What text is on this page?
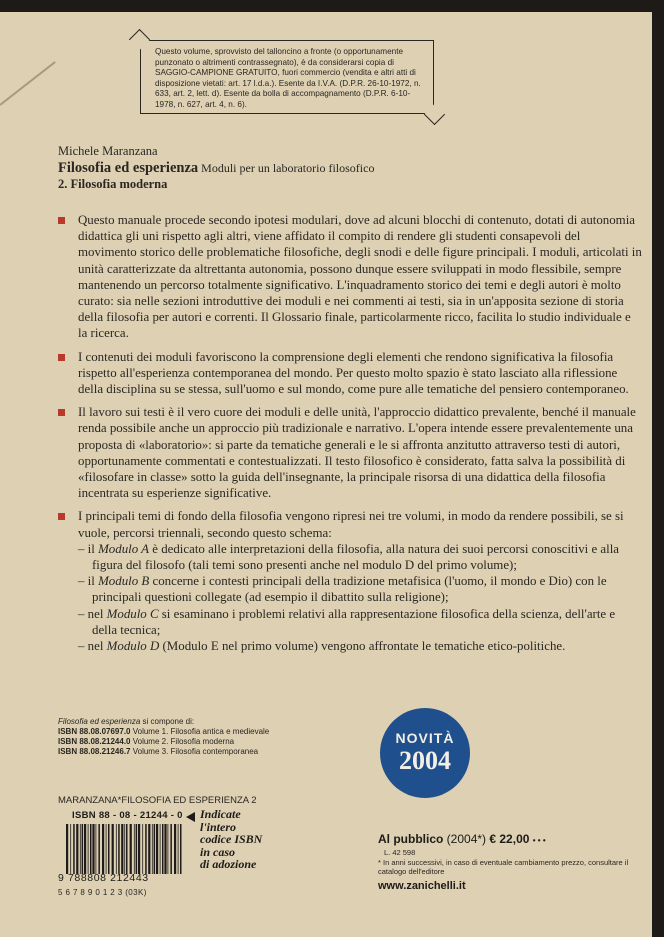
Questo volume, sprovvisto del talloncino a fronte (o opportunamente punzonato o altrimenti contrassegnato), è da considerarsi copia di SAGGIO-CAMPIONE GRATUITO, fuori commercio (vendita e altri atti di disposizione vietati: art. 17 l.d.a.). Esente da I.V.A. (D.P.R. 26-10-1972, n. 633, art. 2, lett. d). Esente da bolla di accompagnamento (D.P.R. 6-10-1978, n. 627, art. 4, n. 6).
Michele Maranzana
Filosofia ed esperienza Moduli per un laboratorio filosofico
2. Filosofia moderna

Questo manuale procede secondo ipotesi modulari, dove ad alcuni blocchi di contenuto, dotati di autonomia didattica gli uni rispetto agli altri, viene affidato il compito di rendere gli studenti consapevoli del movimento storico delle problematiche filosofiche, degli snodi e delle figure principali. I moduli, articolati in unità caratterizzate da altrettanta autonomia, possono dunque essere sviluppati in modo flessibile, sempre mantenendo un percorso totalmente significativo. L'inquadramento storico dei temi e degli autori è molto curato: sia nelle sezioni introduttive dei moduli e nei commenti ai testi, sia in un'apposita sezione di storia della filosofia per autori e correnti. Il Glossario finale, particolarmente ricco, facilita lo studio individuale e la ricerca.

I contenuti dei moduli favoriscono la comprensione degli elementi che rendono significativa la filosofia rispetto all'esperienza contemporanea del mondo. Per questo molto spazio è stato lasciato alla riflessione della disciplina su se stessa, sull'uomo e sul mondo, come pure alle tematiche del pensiero contemporaneo.

Il lavoro sui testi è il vero cuore dei moduli e delle unità, l'approccio didattico prevalente, benché il manuale renda possibile anche un approccio più tradizionale e narrativo. L'opera intende essere prevalentemente una proposta di «laboratorio»: si parte da tematiche generali e le si affronta anzitutto attraverso testi di autori, opportunamente commentati e contestualizzati. Il testo filosofico è considerato, fatta salva la possibilità di «filosofare in classe» sotto la guida dell'insegnante, la principale risorsa di una didattica della filosofia incentrata su esperienze significative.

I principali temi di fondo della filosofia vengono ripresi nei tre volumi, in modo da rendere possibili, se si vuole, percorsi triennali, secondo questo schema:

– il Modulo A è dedicato alle interpretazioni della filosofia, alla natura dei suoi percorsi conoscitivi e alla figura del filosofo (tali temi sono presenti anche nel modulo D del primo volume);
– il Modulo B concerne i contesti principali della tradizione metafisica (l'uomo, il mondo e Dio) con le principali questioni collegate (ad esempio il dibattito sulla religione);
– nel Modulo C si esaminano i problemi relativi alla rappresentazione filosofica della scienza, dell'arte e della tecnica;
– nel Modulo D (Modulo E nel primo volume) vengono affrontate le tematiche etico-politiche.
Filosofia ed esperienza si compone di:
ISBN 88.08.07697.0 Volume 1. Filosofia antica e medievale
ISBN 88.08.21244.0 Volume 2. Filosofia moderna
ISBN 88.08.21246.7 Volume 3. Filosofia contemporanea
NOVITÀ
2004
MARANZANA*FILOSOFIA ED ESPERIENZA 2
ISBN 88 - 08 - 21244 - 0 Indicate
l'intero
codice ISBN
in caso
di adozione
9 788808 212443
5 6 7 8 9 0 1 2 3 (03K)
Al pubblico (2004*) € 22,00 • • •
L. 42 598
* In anni successivi, in caso di eventuale cambiamento prezzo, consultare il catalogo dell'editore
www.zanichelli.it
